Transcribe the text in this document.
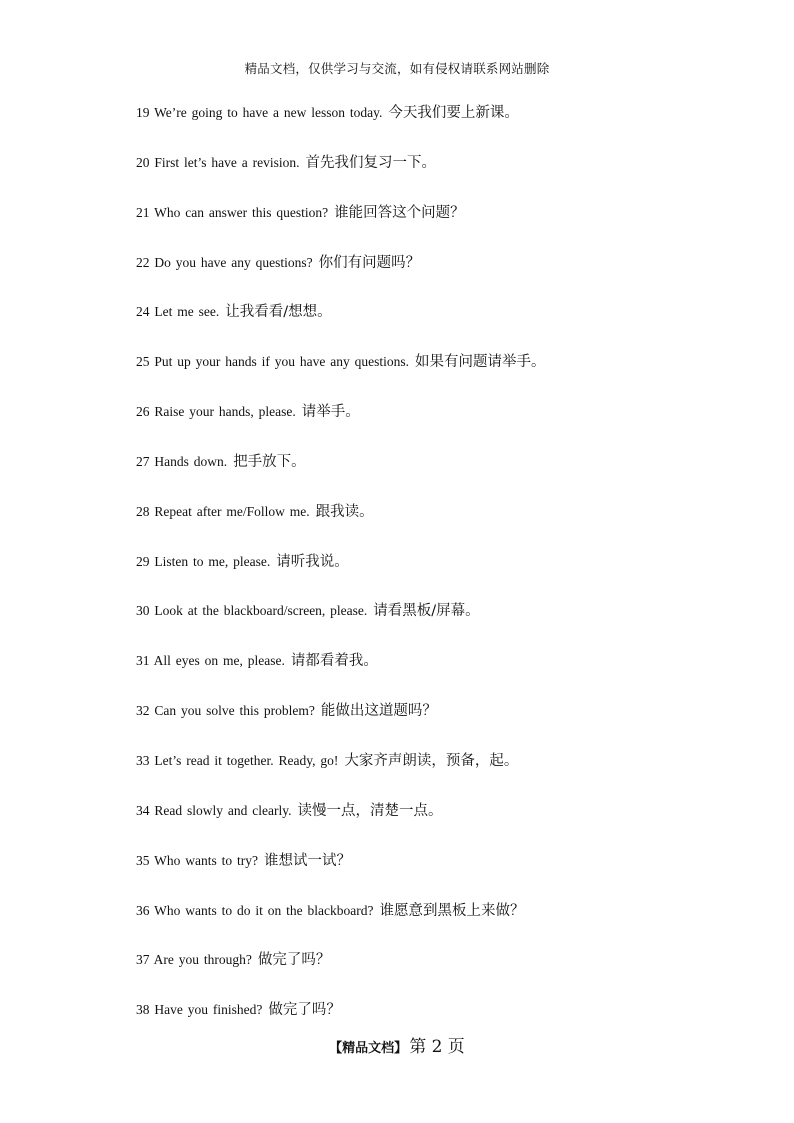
精品文档，仅供学习与交流，如有侵权请联系网站删除
19 We’re going to have a new lesson today. 今天我们要上新课。
20 First let’s have a revision. 首先我们复习一下。
21 Who can answer this question? 谁能回答这个问题？
22 Do you have any questions? 你们有问题吗？
24 Let me see. 让我看看/想想。
25 Put up your hands if you have any questions. 如果有问题请举手。
26 Raise your hands, please. 请举手。
27 Hands down. 把手放下。
28 Repeat after me/Follow me. 跟我读。
29 Listen to me, please. 请听我说。
30 Look at the blackboard/screen, please. 请看黑板/屏幕。
31 All eyes on me, please. 请都看着我。
32 Can you solve this problem? 能做出这道题吗？
33 Let’s read it together. Ready, go! 大家齐声朗读，预备，起。
34 Read slowly and clearly. 读慢一点，清楚一点。
35 Who wants to try? 谁想试一试？
36 Who wants to do it on the blackboard? 谁愿意到黑板上来做？
37 Are you through? 做完了吗？
38 Have you finished? 做完了吗？
【精品文档】 第 2 页
